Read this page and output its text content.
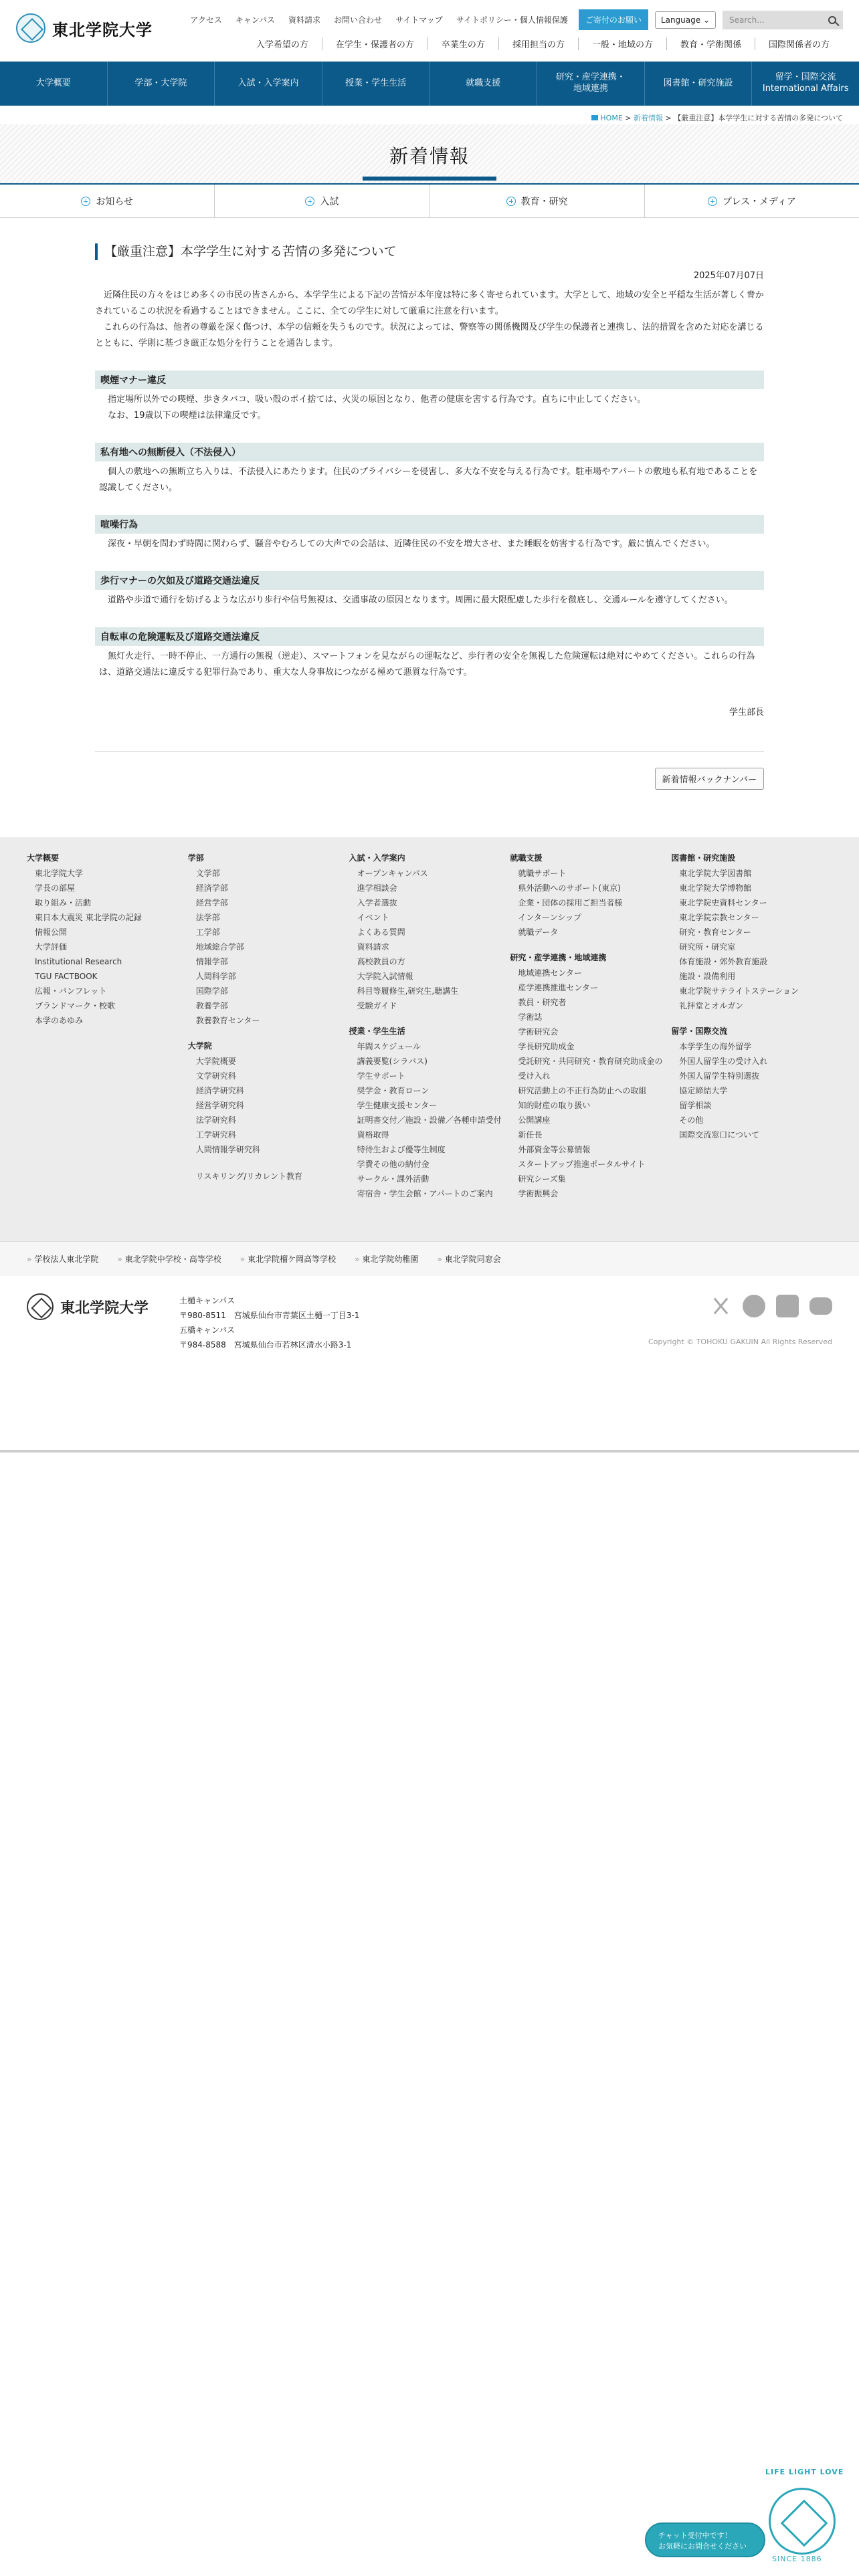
東北学院大学
アクセス	キャンパス	資料請求	お問い合わせ	サイトマップ	サイトポリシー・個人情報保護	ご寄付のお願い	Language ⌄	Search...
入学希望の方	在学生・保護者の方	卒業生の方	採用担当の方	一般・地域の方	教育・学術関係	国際関係者の方
大学概要	学部・大学院	入試・入学案内	授業・学生生活	就職支援
研究・産学連携・
地域連携
図書館・研究施設
留学・国際交流
International Affairs
HOME > 新着情報 > 【厳重注意】本学学生に対する苦情の多発について
新着情報
お知らせ	入試	教育・研究	プレス・メディア
【厳重注意】本学学生に対する苦情の多発について
2025年07月07日

近隣住民の方々をはじめ多くの市民の皆さんから、本学学生による下記の苦情が本年度は特に多く寄せられています。大学として、地域の安全と平穏な生活が著しく脅かされているこの状況を看過することはできません。ここに、全ての学生に対して厳重に注意を行います。

これらの行為は、他者の尊厳を深く傷つけ、本学の信頼を失うものです。状況によっては、警察等の関係機関及び学生の保護者と連携し、法的措置を含めた対応を講じるとともに、学則に基づき厳正な処分を行うことを通告します。

喫煙マナー違反

指定場所以外での喫煙、歩きタバコ、吸い殻のポイ捨ては、火災の原因となり、他者の健康を害する行為です。直ちに中止してください。

なお、19歳以下の喫煙は法律違反です。

私有地への無断侵入（不法侵入）

個人の敷地への無断立ち入りは、不法侵入にあたります。住民のプライバシーを侵害し、多大な不安を与える行為です。駐車場やアパートの敷地も私有地であることを認識してください。

喧噪行為

深夜・早朝を問わず時間に関わらず、騒音やむろしての大声での会話は、近隣住民の不安を増大させ、また睡眠を妨害する行為です。厳に慎んでください。

歩行マナーの欠如及び道路交通法違反

道路や歩道で通行を妨げるような広がり歩行や信号無視は、交通事故の原因となります。周囲に最大限配慮した歩行を徹底し、交通ルールを遵守してください。

自転車の危険運転及び道路交通法違反

無灯火走行、一時不停止、一方通行の無視（逆走）、スマートフォンを見ながらの運転など、歩行者の安全を無視した危険運転は絶対にやめてください。これらの行為は、道路交通法に違反する犯罪行為であり、重大な人身事故につながる極めて悪質な行為です。

学生部長
新着情報バックナンバー
大学概要
東北学院大学
学長の部屋
取り組み・活動
東日本大震災 東北学院の記録
情報公開
大学評価
Institutional Research
TGU FACTBOOK
広報・パンフレット
ブランドマーク・校歌
本学のあゆみ
学部
文学部
経済学部
経営学部
法学部
工学部
地域総合学部
情報学部
人間科学部
国際学部
教養学部
教養教育センター
大学院
大学院概要
文学研究科
経済学研究科
経営学研究科
法学研究科
工学研究科
人間情報学研究科
リスキリング/リカレント教育
入試・入学案内
オープンキャンパス
進学相談会
入学者選抜
イベント
よくある質問
資料請求
高校教員の方
大学院入試情報
科目等履修生,研究生,聴講生
受験ガイド
授業・学生生活
年間スケジュール
講義要覧(シラバス)
学生サポート
奨学金・教育ローン
学生健康支援センター
証明書交付／施設・設備／各種申請受付
資格取得
特待生および優等生制度
学費その他の納付金
サークル・課外活動
寄宿舎・学生会館・アパートのご案内
就職支援
就職サポート
県外活動へのサポート(東京)
企業・団体の採用ご担当者様
インターンシップ
就職データ
研究・産学連携・地域連携
地域連携センター
産学連携推進センター
教員・研究者
学術誌
学術研究会
学長研究助成金
受託研究・共同研究・教育研究助成金の受け入れ
研究活動上の不正行為防止への取組
知的財産の取り扱い
公開講座
新任長
外部資金等公募情報
スタートアップ推進ポータルサイト
研究シーズ集
学術振興会
図書館・研究施設
東北学院大学図書館
東北学院大学博物館
東北学院史資料センター
東北学院宗教センター
研究・教育センター
研究所・研究室
体育施設・郊外教育施設
施設・設備利用
東北学院サテライトステーション
礼拝堂とオルガン
留学・国際交流
本学学生の海外留学
外国人留学生の受け入れ
外国人留学生特別選抜
協定締結大学
留学相談
その他
国際交流窓口について
» 学校法人東北学院	» 東北学院中学校・高等学校	» 東北学院榴ケ岡高等学校	» 東北学院幼稚園	» 東北学院同窓会
東北学院大学	土樋キャンパス
〒980-8511　宮城県仙台市青葉区土樋一丁目3-1
五橋キャンパス
〒984-8588　宮城県仙台市若林区清水小路3-1	Copyright © TOHOKU GAKUIN All Rights Reserved
チャット受付中です！
お気軽にお問合せください
LIFE LIGHT LOVE
SINCE 1886
